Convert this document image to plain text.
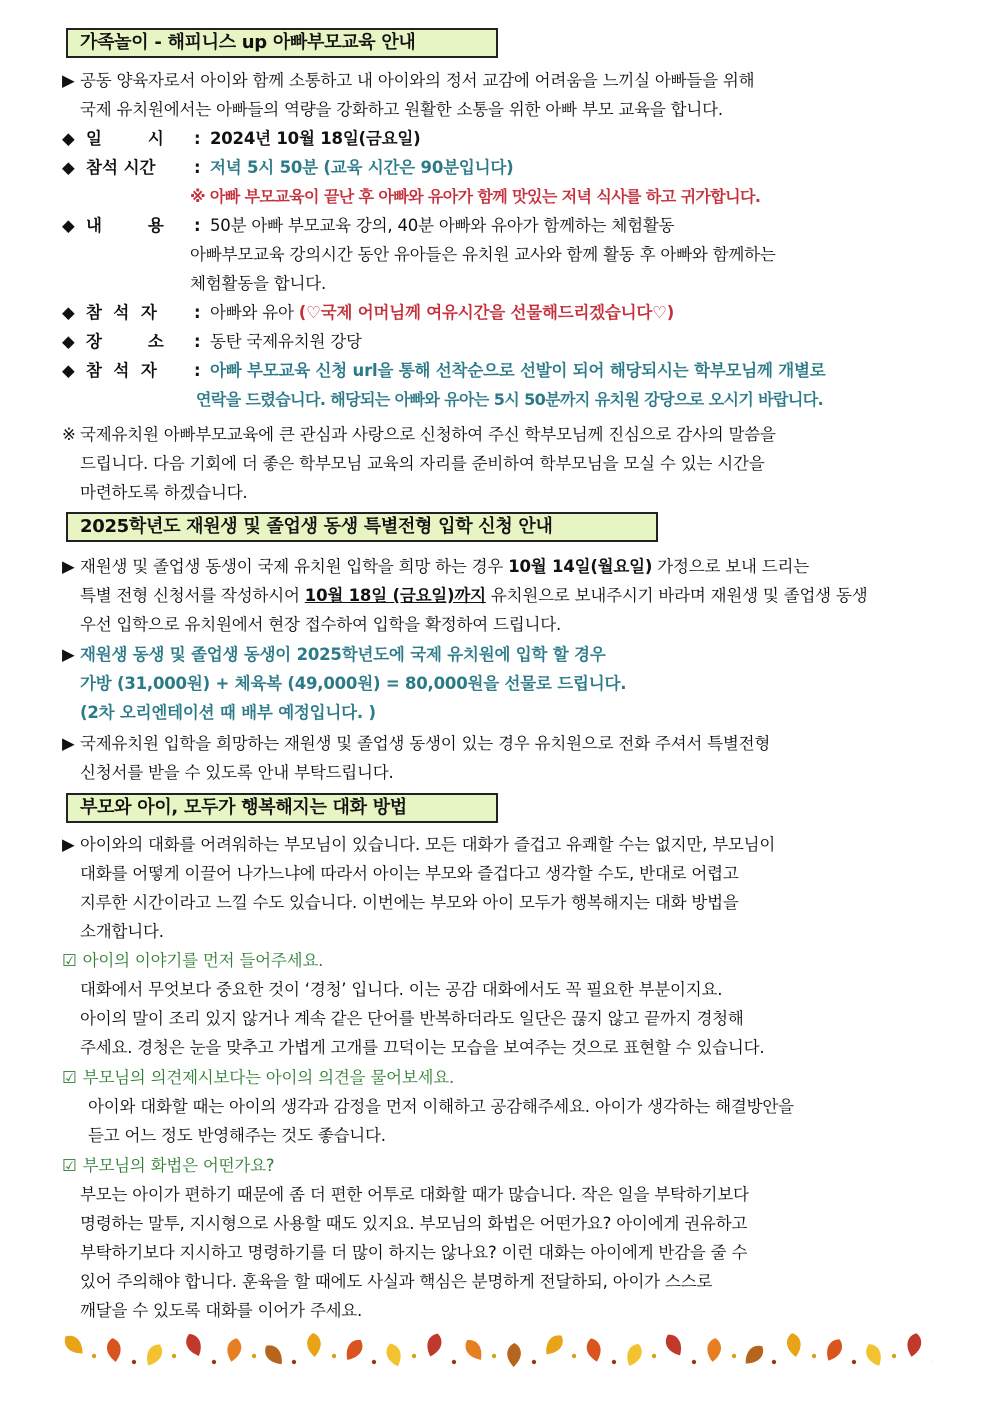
가족놀이 - 해피니스 up 아빠부모교육 안내
▶ 공동 양육자로서 아이와 함께 소통하고 내 아이와의 정서 교감에 어려움을 느끼실 아빠들을 위해
국제 유치원에서는 아빠들의 역량을 강화하고 원활한 소통을 위한 아빠 부모 교육을 합니다.
◆ 일        시 : 2024년 10월 18일(금요일)
◆ 참석 시간 : 저녁 5시 50분 (교육 시간은 90분입니다)
※ 아빠 부모교육이 끝난 후 아빠와 유아가 함께 맛있는 저녁 식사를 하고 귀가합니다.
◆ 내        용 : 50분 아빠 부모교육 강의, 40분 아빠와 유아가 함께하는 체험활동
아빠부모교육 강의시간 동안 유아들은 유치원 교사와 함께 활동 후 아빠와 함께하는
체험활동을 합니다.
◆ 참  석  자 : 아빠와 유아 (♡국제 어머님께 여유시간을 선물해드리겠습니다♡)
◆ 장        소 : 동탄 국제유치원 강당
◆ 참  석  자 : 아빠 부모교육 신청 url을 통해 선착순으로 선발이 되어 해당되시는 학부모님께 개별로
연락을 드렸습니다. 해당되는 아빠와 유아는 5시 50분까지 유치원 강당으로 오시기 바랍니다.
※ 국제유치원 아빠부모교육에 큰 관심과 사랑으로 신청하여 주신 학부모님께 진심으로 감사의 말씀을
드립니다. 다음 기회에 더 좋은 학부모님 교육의 자리를 준비하여 학부모님을 모실 수 있는 시간을
마련하도록 하겠습니다.
2025학년도 재원생 및 졸업생 동생 특별전형 입학 신청 안내
▶ 재원생 및 졸업생 동생이 국제 유치원 입학을 희망 하는 경우 10월 14일(월요일) 가정으로 보내 드리는
특별 전형 신청서를 작성하시어 10월 18일 (금요일)까지 유치원으로 보내주시기 바라며 재원생 및 졸업생 동생
우선 입학으로 유치원에서 현장 접수하여 입학을 확정하여 드립니다.
▶ 재원생 동생 및 졸업생 동생이 2025학년도에 국제 유치원에 입학 할 경우
가방 (31,000원) + 체육복 (49,000원) = 80,000원을 선물로 드립니다.
(2차 오리엔테이션 때 배부 예정입니다. )
▶ 국제유치원 입학을 희망하는 재원생 및 졸업생 동생이 있는 경우 유치원으로 전화 주셔서 특별전형
신청서를 받을 수 있도록 안내 부탁드립니다.
부모와 아이, 모두가 행복해지는 대화 방법
▶ 아이와의 대화를 어려워하는 부모님이 있습니다. 모든 대화가 즐겁고 유쾌할 수는 없지만, 부모님이
대화를 어떻게 이끌어 나가느냐에 따라서 아이는 부모와 즐겁다고 생각할 수도, 반대로 어렵고
지루한 시간이라고 느낄 수도 있습니다. 이번에는 부모와 아이 모두가 행복해지는 대화 방법을
소개합니다.
☑ 아이의 이야기를 먼저 들어주세요.
대화에서 무엇보다 중요한 것이 ‘경청’ 입니다. 이는 공감 대화에서도 꼭 필요한 부분이지요.
아이의 말이 조리 있지 않거나 계속 같은 단어를 반복하더라도 일단은 끊지 않고 끝까지 경청해
주세요. 경청은 눈을 맞추고 가볍게 고개를 끄덕이는 모습을 보여주는 것으로 표현할 수 있습니다.
☑ 부모님의 의견제시보다는 아이의 의견을 물어보세요.
아이와 대화할 때는 아이의 생각과 감정을 먼저 이해하고 공감해주세요. 아이가 생각하는 해결방안을
듣고 어느 정도 반영해주는 것도 좋습니다.
☑ 부모님의 화법은 어떤가요?
부모는 아이가 편하기 때문에 좀 더 편한 어투로 대화할 때가 많습니다. 작은 일을 부탁하기보다
명령하는 말투, 지시형으로 사용할 때도 있지요. 부모님의 화법은 어떤가요? 아이에게 권유하고
부탁하기보다 지시하고 명령하기를 더 많이 하지는 않나요? 이런 대화는 아이에게 반감을 줄 수
있어 주의해야 합니다. 훈육을 할 때에도 사실과 핵심은 분명하게 전달하되, 아이가 스스로
깨달을 수 있도록 대화를 이어가 주세요.
